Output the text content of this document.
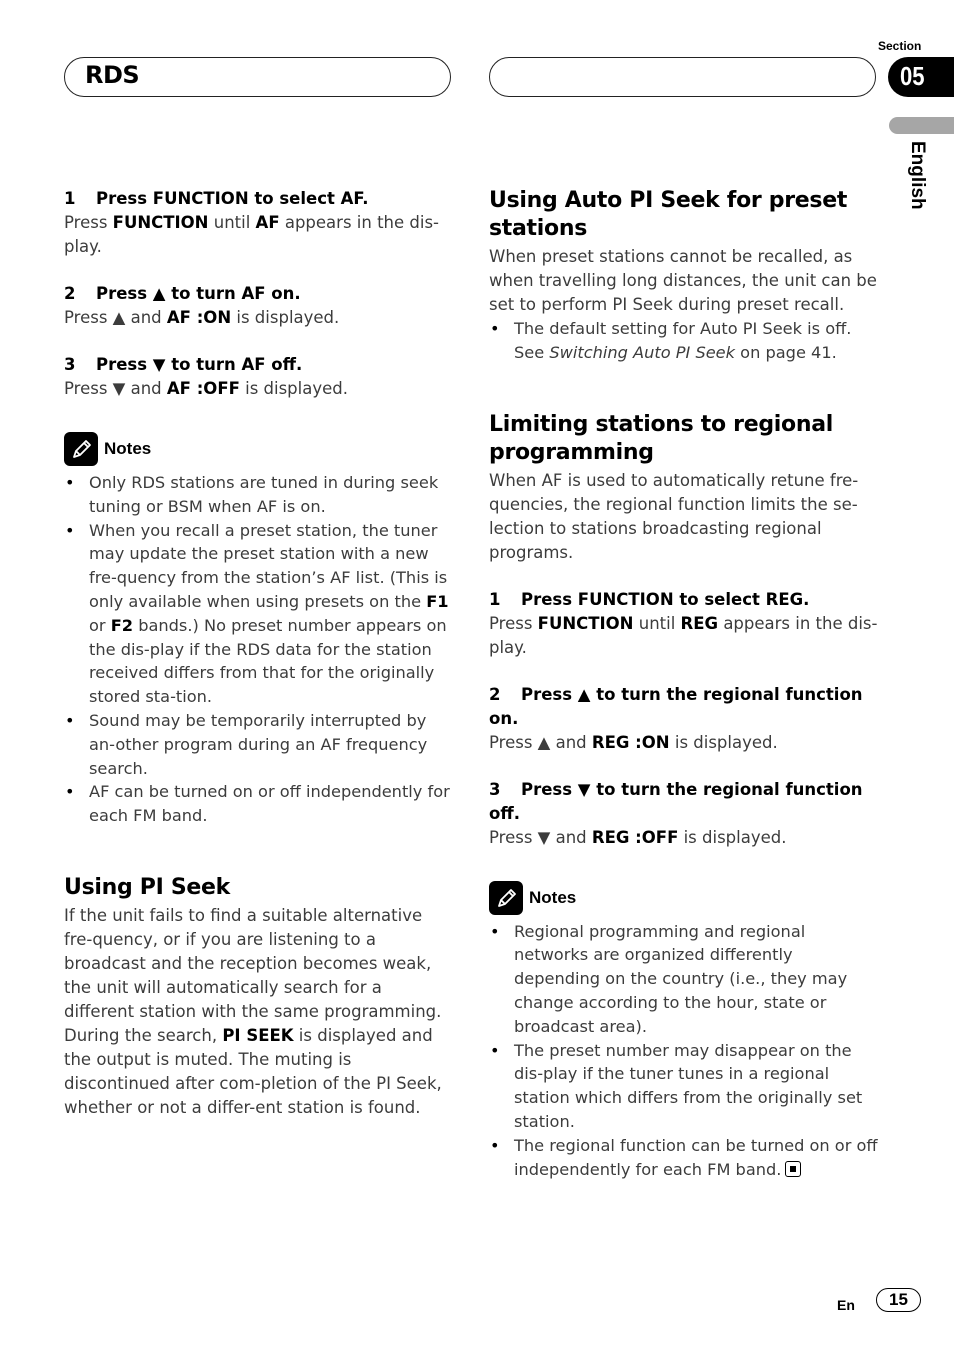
RDS
Section
05
English
1 Press FUNCTION to select AF.
Press FUNCTION until AF appears in the dis-play.
2 Press ▲ to turn AF on.
Press ▲ and AF :ON is displayed.
3 Press ▼ to turn AF off.
Press ▼ and AF :OFF is displayed.
Notes
• Only RDS stations are tuned in during seek tuning or BSM when AF is on.
• When you recall a preset station, the tuner may update the preset station with a new fre-quency from the station’s AF list. (This is only available when using presets on the F1 or F2 bands.) No preset number appears on the dis-play if the RDS data for the station received differs from that for the originally stored sta-tion.
• Sound may be temporarily interrupted by an-other program during an AF frequency search.
• AF can be turned on or off independently for each FM band.
Using PI Seek
If the unit fails to find a suitable alternative fre-quency, or if you are listening to a broadcast and the reception becomes weak, the unit will automatically search for a different station with the same programming. During the search, PI SEEK is displayed and the output is muted. The muting is discontinued after com-pletion of the PI Seek, whether or not a differ-ent station is found.
Using Auto PI Seek for preset stations
When preset stations cannot be recalled, as when travelling long distances, the unit can be set to perform PI Seek during preset recall.
• The default setting for Auto PI Seek is off. See Switching Auto PI Seek on page 41.
Limiting stations to regional programming
When AF is used to automatically retune fre-quencies, the regional function limits the se-lection to stations broadcasting regional programs.
1 Press FUNCTION to select REG.
Press FUNCTION until REG appears in the dis-play.
2 Press ▲ to turn the regional function on.
Press ▲ and REG :ON is displayed.
3 Press ▼ to turn the regional function off.
Press ▼ and REG :OFF is displayed.
Notes
• Regional programming and regional networks are organized differently depending on the country (i.e., they may change according to the hour, state or broadcast area).
• The preset number may disappear on the dis-play if the tuner tunes in a regional station which differs from the originally set station.
• The regional function can be turned on or off independently for each FM band.
En	15
